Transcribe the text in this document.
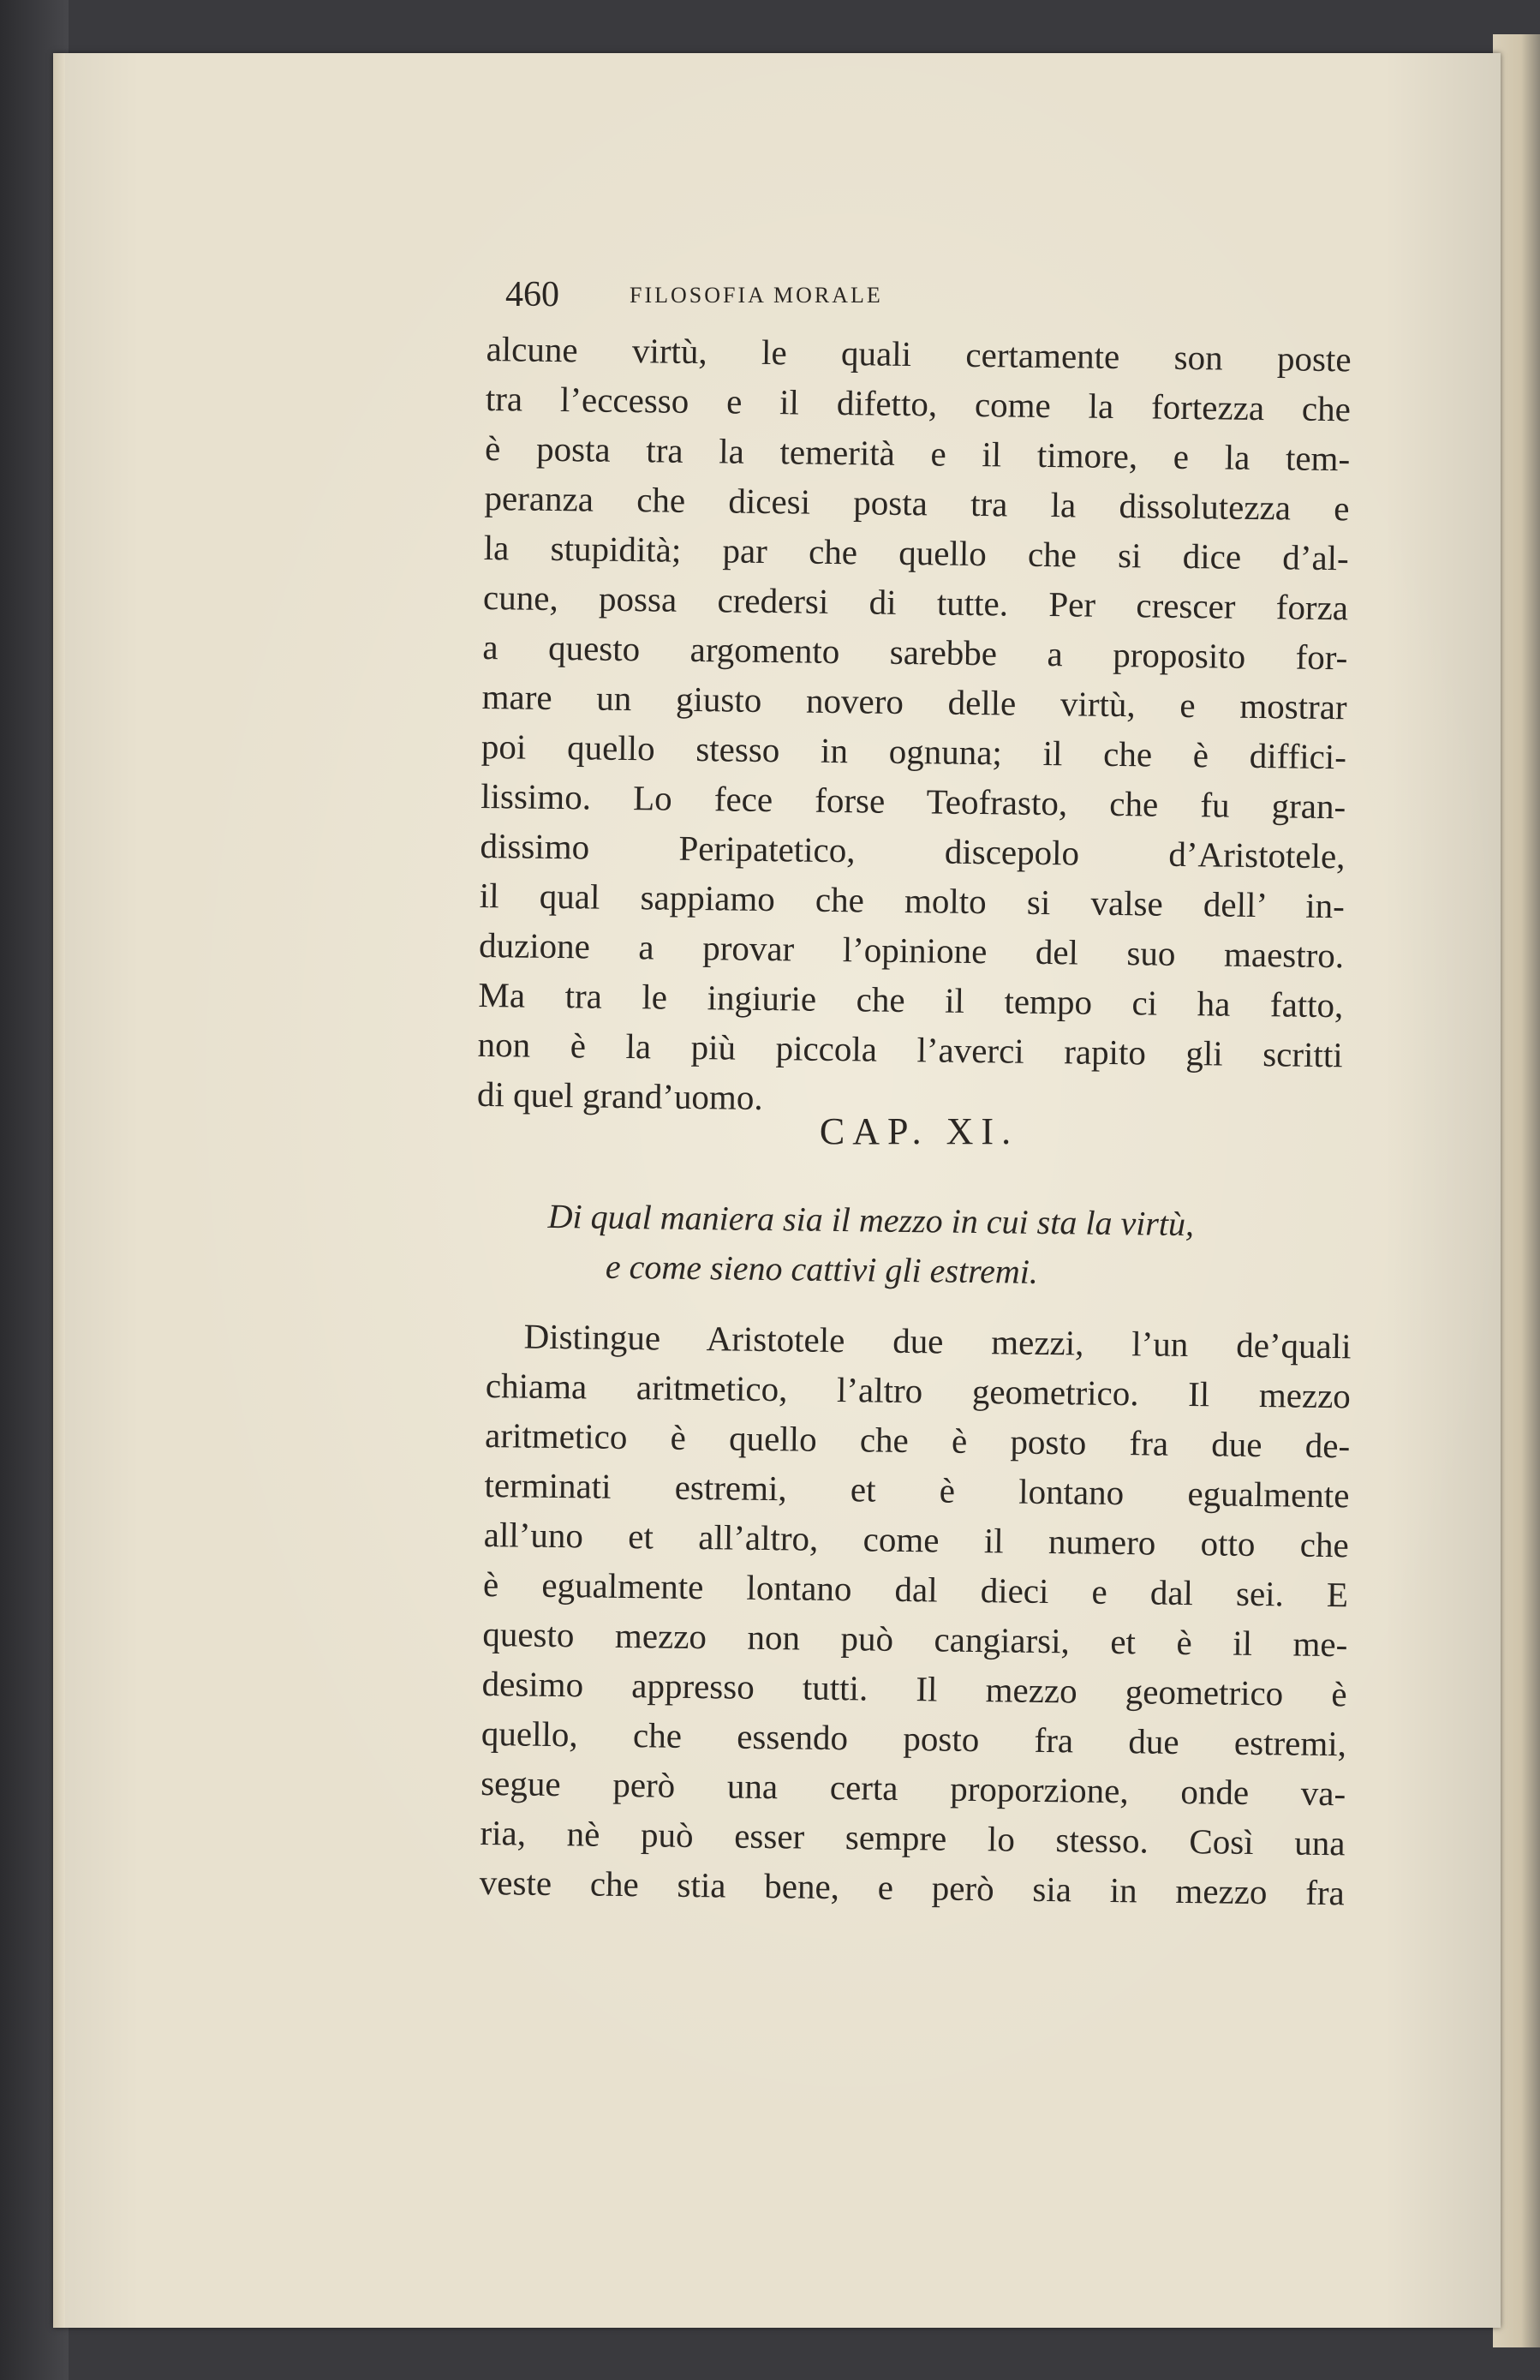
460	FILOSOFIA MORALE
alcune virtù, le quali certamente son poste
tra l’eccesso e il difetto, come la fortezza che
è posta tra la temerità e il timore, e la tem-
peranza che dicesi posta tra la dissolutezza e
la stupidità; par che quello che si dice d’al-
cune, possa credersi di tutte. Per crescer forza
a questo argomento sarebbe a proposito for-
mare un giusto novero delle virtù, e mostrar
poi quello stesso in ognuna; il che è diffici-
lissimo. Lo fece forse Teofrasto, che fu gran-
dissimo Peripatetico, discepolo d’Aristotele,
il qual sappiamo che molto si valse dell’ in-
duzione a provar l’opinione del suo maestro.
Ma tra le ingiurie che il tempo ci ha fatto,
non è la più piccola l’averci rapito gli scritti
di quel grand’uomo.
CAP. XI.
Di qual maniera sia il mezzo in cui sta la virtù,
e come sieno cattivi gli estremi.
Distingue Aristotele due mezzi, l’un de’quali
chiama aritmetico, l’altro geometrico. Il mezzo
aritmetico è quello che è posto fra due de-
terminati estremi, et è lontano egualmente
all’uno et all’altro, come il numero otto che
è egualmente lontano dal dieci e dal sei. E
questo mezzo non può cangiarsi, et è il me-
desimo appresso tutti. Il mezzo geometrico è
quello, che essendo posto fra due estremi,
segue però una certa proporzione, onde va-
ria, nè può esser sempre lo stesso. Così una
veste che stia bene, e però sia in mezzo fra
